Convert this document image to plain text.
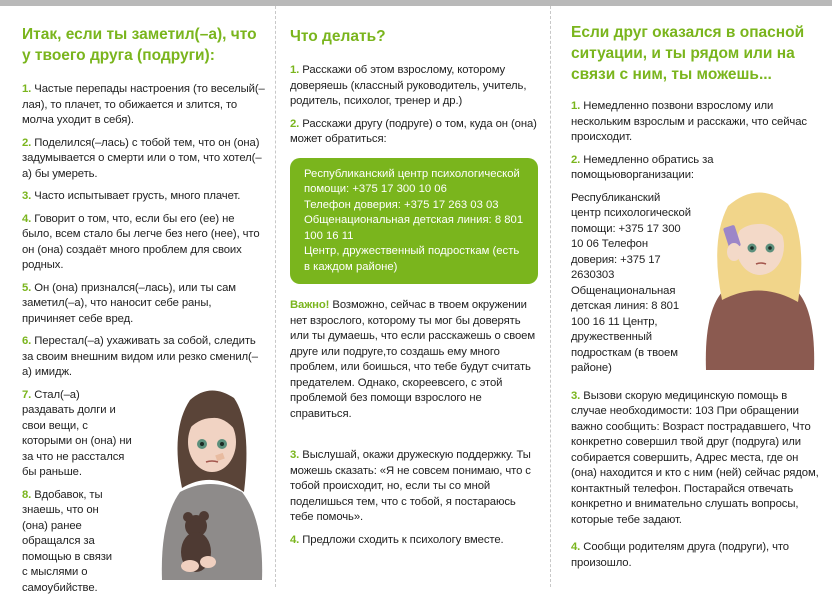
Итак, если ты заметил(–а), что у твоего друга (подруги):
1. Частые перепады настроения (то веселый(–лая), то плачет, то обижается и злится, то молча уходит в себя).
2. Поделился(–лась) с тобой тем, что он (она) задумывается о смерти или о том, что хотел(–а) бы умереть.
3. Часто испытывает грусть, много плачет.
4. Говорит о том, что, если бы его (ее) не было, всем стало бы легче без него (нее), что он (она) создаёт много проблем для своих родных.
5. Он (она) признался(–лась), или ты сам заметил(–а), что наносит себе раны, причиняет себе вред.
6. Перестал(–а) ухаживать за собой, следить за своим внешним видом или резко сменил(–а) имидж.
7. Стал(–а) раздавать долги и свои вещи, с которыми он (она) ни за что не расстался бы раньше.
8. Вдобавок, ты знаешь, что он (она) ранее обращался за помощью в связи с мыслями о самоубийстве.
Что делать?
1. Расскажи об этом взрослому, которому доверяешь (классный руководитель, учитель, родитель, психолог, тренер и др.)
2. Расскажи другу (подруге) о том, куда он (она) может обратиться:
Республиканский центр психологической помощи: +375 17 300 10 06
Телефон доверия: +375 17 263 03 03
Общенациональная детская линия: 8 801 100 16 11
Центр, дружественный подросткам (есть в каждом районе)
Важно! Возможно, сейчас в твоем окружении нет взрослого, которому ты мог бы доверять или ты думаешь, что если расскажешь о своем друге или подруге,то создашь ему много проблем, или боишься, что тебе будут считать предателем. Однако, скореевсего, с этой проблемой без помощи взрослого не справиться.
3. Выслушай, окажи дружескую поддержку. Ты можешь сказать: «Я не совсем понимаю, что с тобой происходит, но, если ты со мной поделишься тем, что с тобой, я постараюсь тебе помочь».
4. Предложи сходить к психологу вместе.
Если друг оказался в опасной ситуации, и ты рядом или на связи с ним, ты можешь...
1. Немедленно позвони взрослому или нескольким взрослым и расскажи, что сейчас происходит.
2. Немедленно обратись за помощьюворганизации:
Республиканский центр психологической помощи: +375 17 300 10 06 Телефон доверия: +375 17 2630303 Общенациональная детская линия: 8 801 100 16 11 Центр, дружественный подросткам (в твоем районе)
3. Вызови скорую медицинскую помощь в случае необходимости: 103 При обращении важно сообщить: Возраст пострадавшего, Что конкретно совершил твой друг (подруга) или собирается совершить, Адрес места, где он (она) находится и кто с ним (ней) сейчас рядом, контактный телефон. Постарайся отвечать конкретно и внимательно слушать вопросы, которые тебе задают.
4. Сообщи родителям друга (подруги), что произошло.
